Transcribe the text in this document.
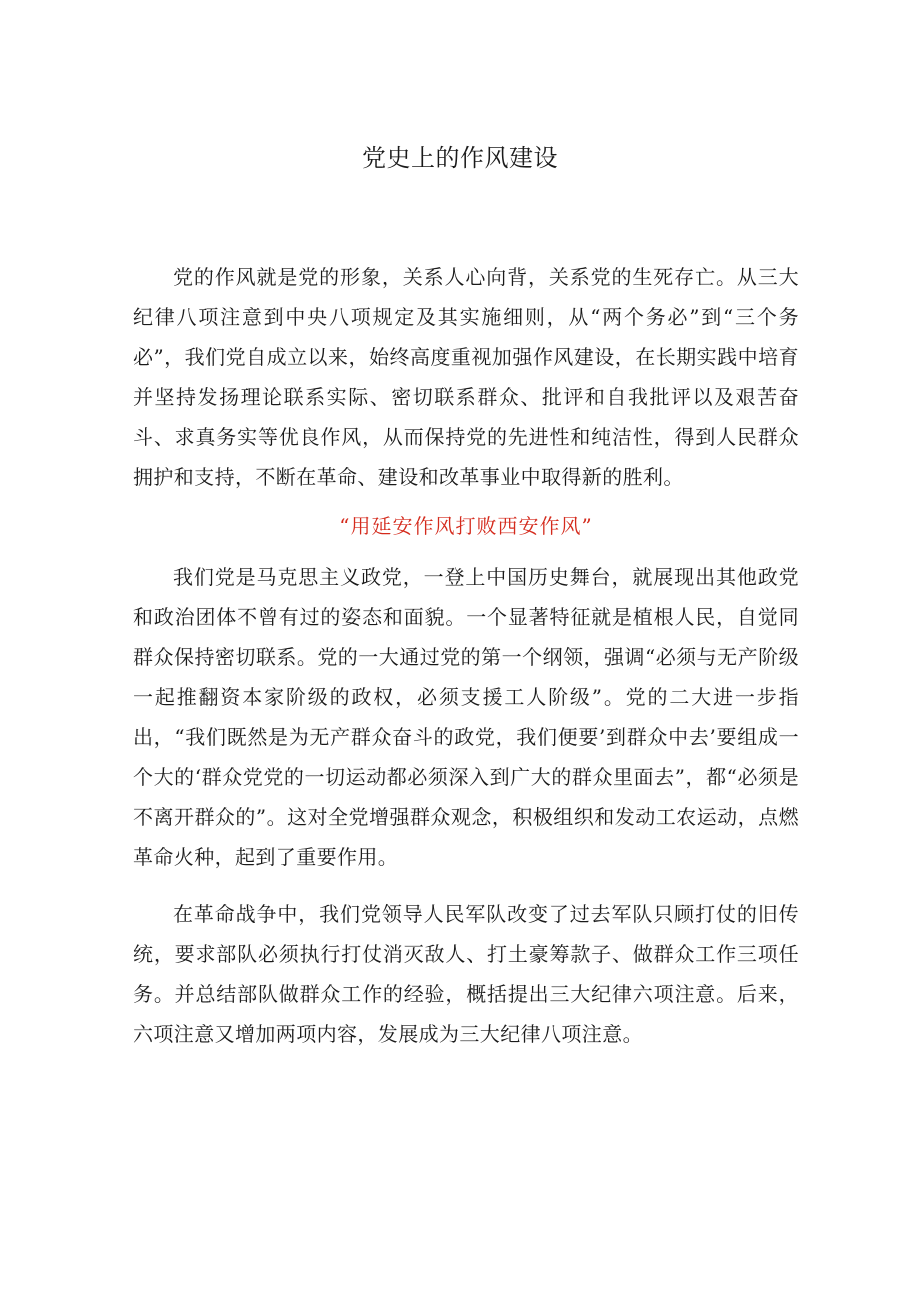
党史上的作风建设

党的作风就是党的形象，关系人心向背，关系党的生死存亡。从三大纪律八项注意到中央八项规定及其实施细则，从“两个务必”到“三个务必”，我们党自成立以来，始终高度重视加强作风建设，在长期实践中培育并坚持发扬理论联系实际、密切联系群众、批评和自我批评以及艰苦奋斗、求真务实等优良作风，从而保持党的先进性和纯洁性，得到人民群众拥护和支持，不断在革命、建设和改革事业中取得新的胜利。

“用延安作风打败西安作风”

我们党是马克思主义政党，一登上中国历史舞台，就展现出其他政党和政治团体不曾有过的姿态和面貌。一个显著特征就是植根人民，自觉同群众保持密切联系。党的一大通过党的第一个纲领，强调“必须与无产阶级一起推翻资本家阶级的政权，必须支援工人阶级”。党的二大进一步指出，“我们既然是为无产群众奋斗的政党，我们便要’到群众中去’要组成一个大的‘群众党党的一切运动都必须深入到广大的群众里面去”，都“必须是不离开群众的”。这对全党增强群众观念，积极组织和发动工农运动，点燃革命火种，起到了重要作用。

在革命战争中，我们党领导人民军队改变了过去军队只顾打仗的旧传统，要求部队必须执行打仗消灭敌人、打土豪筹款子、做群众工作三项任务。并总结部队做群众工作的经验，概括提出三大纪律六项注意。后来，六项注意又增加两项内容，发展成为三大纪律八项注意。
